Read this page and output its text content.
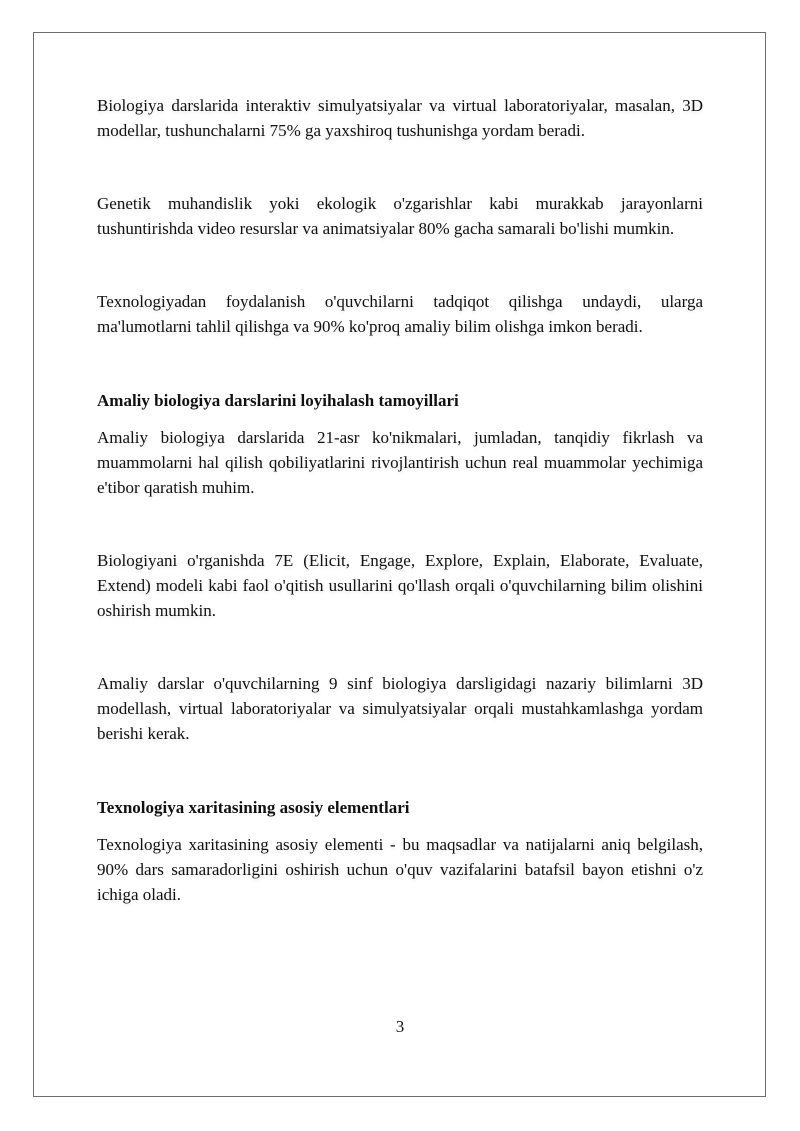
Biologiya darslarida interaktiv simulyatsiyalar va virtual laboratoriyalar, masalan, 3D modellar, tushunchalarni 75% ga yaxshiroq tushunishga yordam beradi.

Genetik muhandislik yoki ekologik o'zgarishlar kabi murakkab jarayonlarni tushuntirishda video resurslar va animatsiyalar 80% gacha samarali bo'lishi mumkin.

Texnologiyadan foydalanish o'quvchilarni tadqiqot qilishga undaydi, ularga ma'lumotlarni tahlil qilishga va 90% ko'proq amaliy bilim olishga imkon beradi.

Amaliy biologiya darslarini loyihalash tamoyillari

Amaliy biologiya darslarida 21-asr ko'nikmalari, jumladan, tanqidiy fikrlash va muammolarni hal qilish qobiliyatlarini rivojlantirish uchun real muammolar yechimiga e'tibor qaratish muhim.

Biologiyani o'rganishda 7E (Elicit, Engage, Explore, Explain, Elaborate, Evaluate, Extend) modeli kabi faol o'qitish usullarini qo'llash orqali o'quvchilarning bilim olishini oshirish mumkin.

Amaliy darslar o'quvchilarning 9 sinf biologiya darsligidagi nazariy bilimlarni 3D modellash, virtual laboratoriyalar va simulyatsiyalar orqali mustahkamlashga yordam berishi kerak.

Texnologiya xaritasining asosiy elementlari

Texnologiya xaritasining asosiy elementi - bu maqsadlar va natijalarni aniq belgilash, 90% dars samaradorligini oshirish uchun o'quv vazifalarini batafsil bayon etishni o'z ichiga oladi.

3
